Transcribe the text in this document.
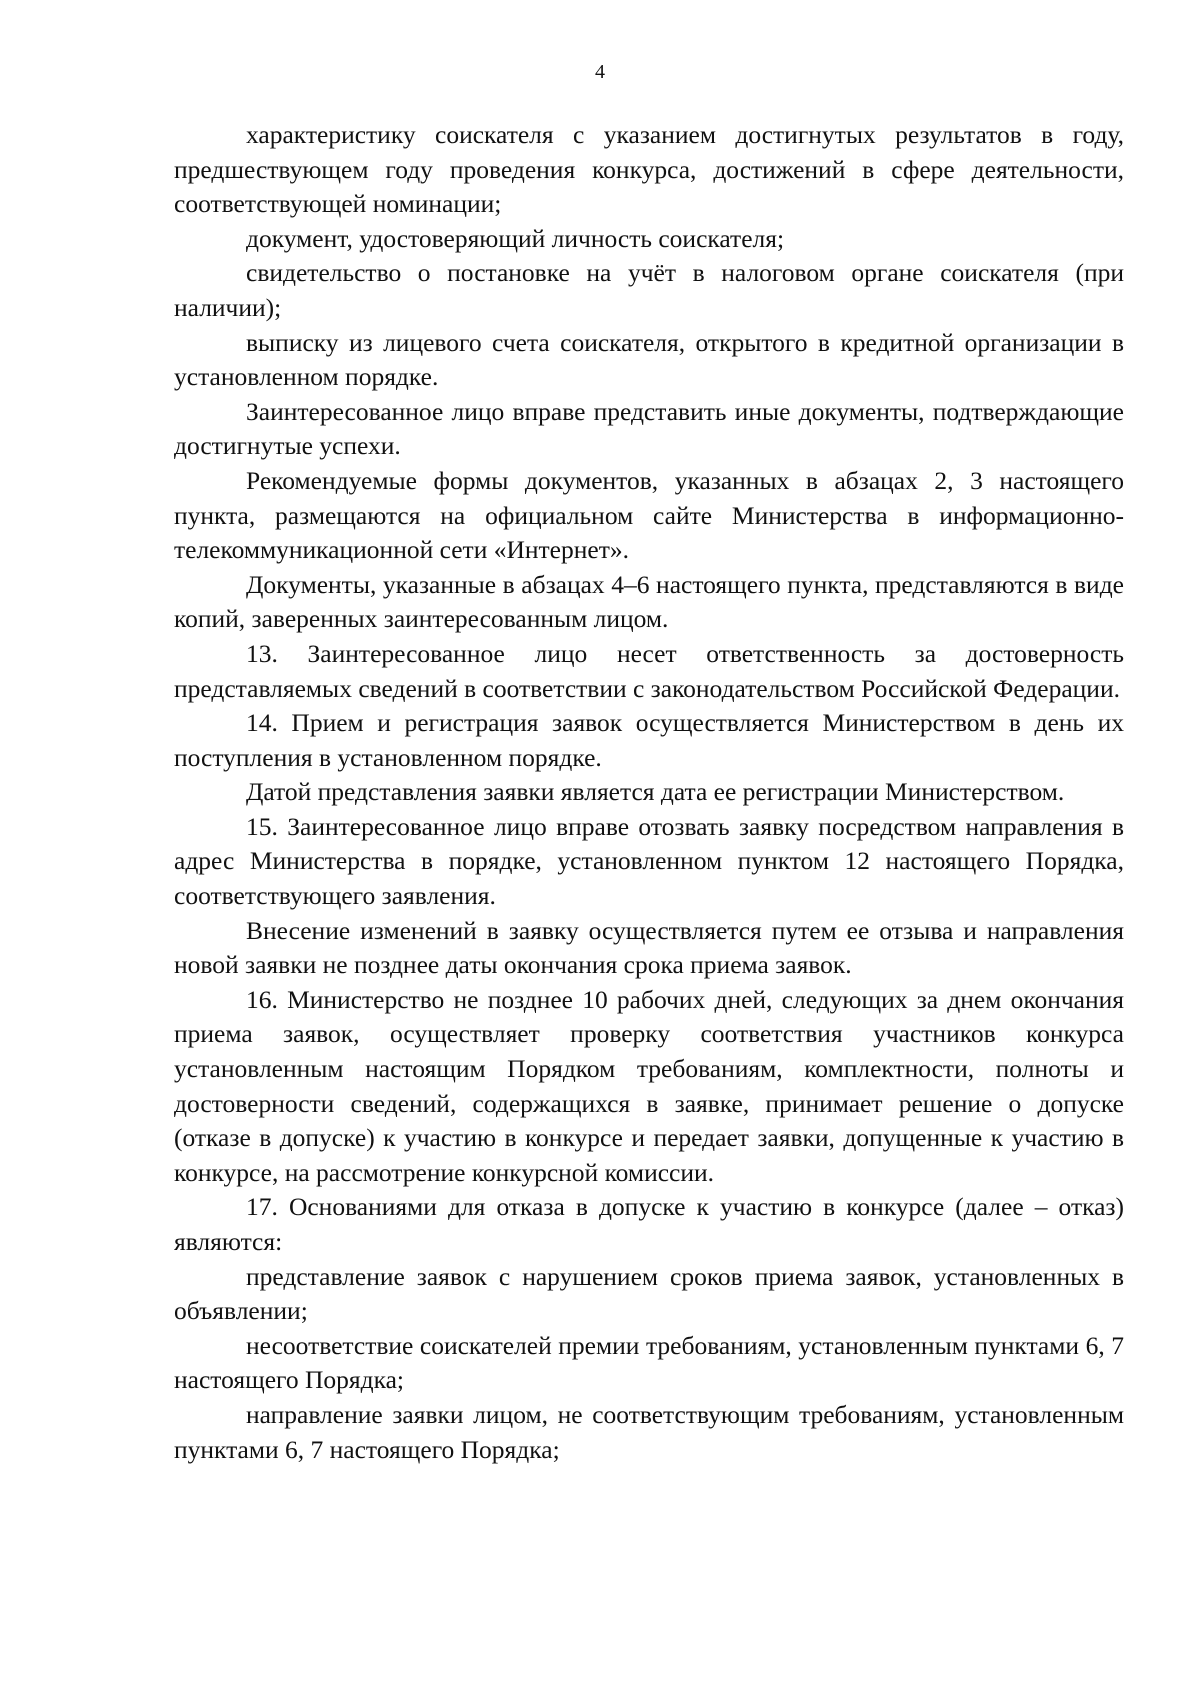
4

характеристику соискателя с указанием достигнутых результатов в году, предшествующем году проведения конкурса, достижений в сфере деятельности, соответствующей номинации;

документ, удостоверяющий личность соискателя;

свидетельство о постановке на учёт в налоговом органе соискателя (при наличии);

выписку из лицевого счета соискателя, открытого в кредитной организации в установленном порядке.

Заинтересованное лицо вправе представить иные документы, подтверждающие достигнутые успехи.

Рекомендуемые формы документов, указанных в абзацах 2, 3 настоящего пункта, размещаются на официальном сайте Министерства в информационно-телекоммуникационной сети «Интернет».

Документы, указанные в абзацах 4–6 настоящего пункта, представляются в виде копий, заверенных заинтересованным лицом.

13. Заинтересованное лицо несет ответственность за достоверность представляемых сведений в соответствии с законодательством Российской Федерации.

14. Прием и регистрация заявок осуществляется Министерством в день их поступления в установленном порядке.

Датой представления заявки является дата ее регистрации Министерством.

15. Заинтересованное лицо вправе отозвать заявку посредством направления в адрес Министерства в порядке, установленном пунктом 12 настоящего Порядка, соответствующего заявления.

Внесение изменений в заявку осуществляется путем ее отзыва и направления новой заявки не позднее даты окончания срока приема заявок.

16. Министерство не позднее 10 рабочих дней, следующих за днем окончания приема заявок, осуществляет проверку соответствия участников конкурса установленным настоящим Порядком требованиям, комплектности, полноты и достоверности сведений, содержащихся в заявке, принимает решение о допуске (отказе в допуске) к участию в конкурсе и передает заявки, допущенные к участию в конкурсе, на рассмотрение конкурсной комиссии.

17. Основаниями для отказа в допуске к участию в конкурсе (далее – отказ) являются:

представление заявок с нарушением сроков приема заявок, установленных в объявлении;

несоответствие соискателей премии требованиям, установленным пунктами 6, 7 настоящего Порядка;

направление заявки лицом, не соответствующим требованиям, установленным пунктами 6, 7 настоящего Порядка;
